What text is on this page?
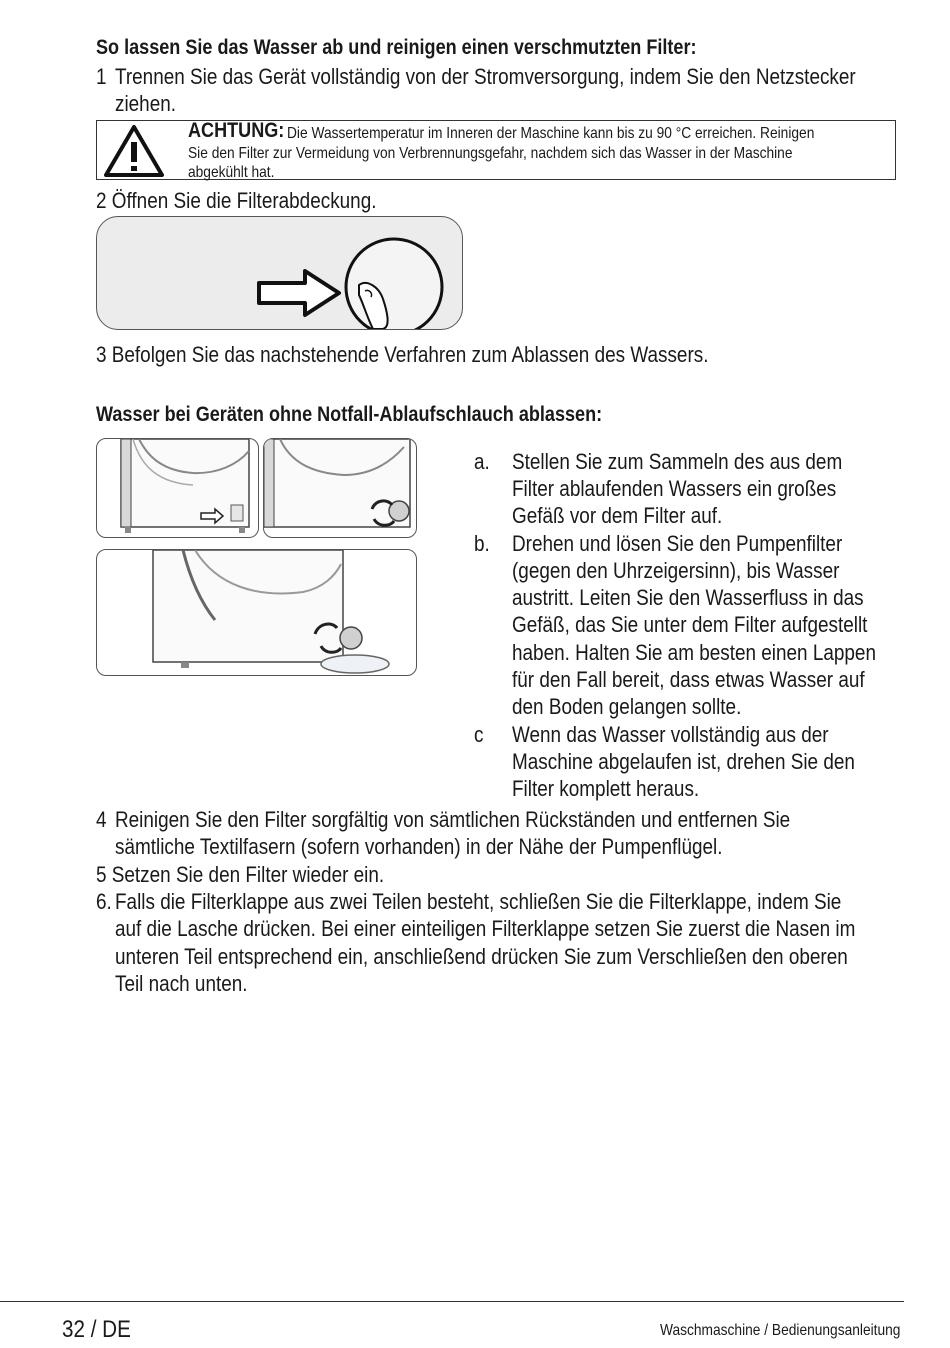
So lassen Sie das Wasser ab und reinigen einen verschmutzten Filter:
1 Trennen Sie das Gerät vollständig von der Stromversorgung, indem Sie den Netzstecker
ziehen.
ACHTUNG: Die Wassertemperatur im Inneren der Maschine kann bis zu 90 °C erreichen. Reinigen
Sie den Filter zur Vermeidung von Verbrennungsgefahr, nachdem sich das Wasser in der Maschine
abgekühlt hat.
2 Öffnen Sie die Filterabdeckung.
3 Befolgen Sie das nachstehende Verfahren zum Ablassen des Wassers.
Wasser bei Geräten ohne Notfall-Ablaufschlauch ablassen:
a. Stellen Sie zum Sammeln des aus dem
Filter ablaufenden Wassers ein großes
Gefäß vor dem Filter auf.
b. Drehen und lösen Sie den Pumpenfilter
(gegen den Uhrzeigersinn), bis Wasser
austritt. Leiten Sie den Wasserfluss in das
Gefäß, das Sie unter dem Filter aufgestellt
haben. Halten Sie am besten einen Lappen
für den Fall bereit, dass etwas Wasser auf
den Boden gelangen sollte.
c Wenn das Wasser vollständig aus der
Maschine abgelaufen ist, drehen Sie den
Filter komplett heraus.
4 Reinigen Sie den Filter sorgfältig von sämtlichen Rückständen und entfernen Sie
sämtliche Textilfasern (sofern vorhanden) in der Nähe der Pumpenflügel.
5 Setzen Sie den Filter wieder ein.
6. Falls die Filterklappe aus zwei Teilen besteht, schließen Sie die Filterklappe, indem Sie
auf die Lasche drücken. Bei einer einteiligen Filterklappe setzen Sie zuerst die Nasen im
unteren Teil entsprechend ein, anschließend drücken Sie zum Verschließen den oberen
Teil nach unten.
32 / DE	Waschmaschine / Bedienungsanleitung
